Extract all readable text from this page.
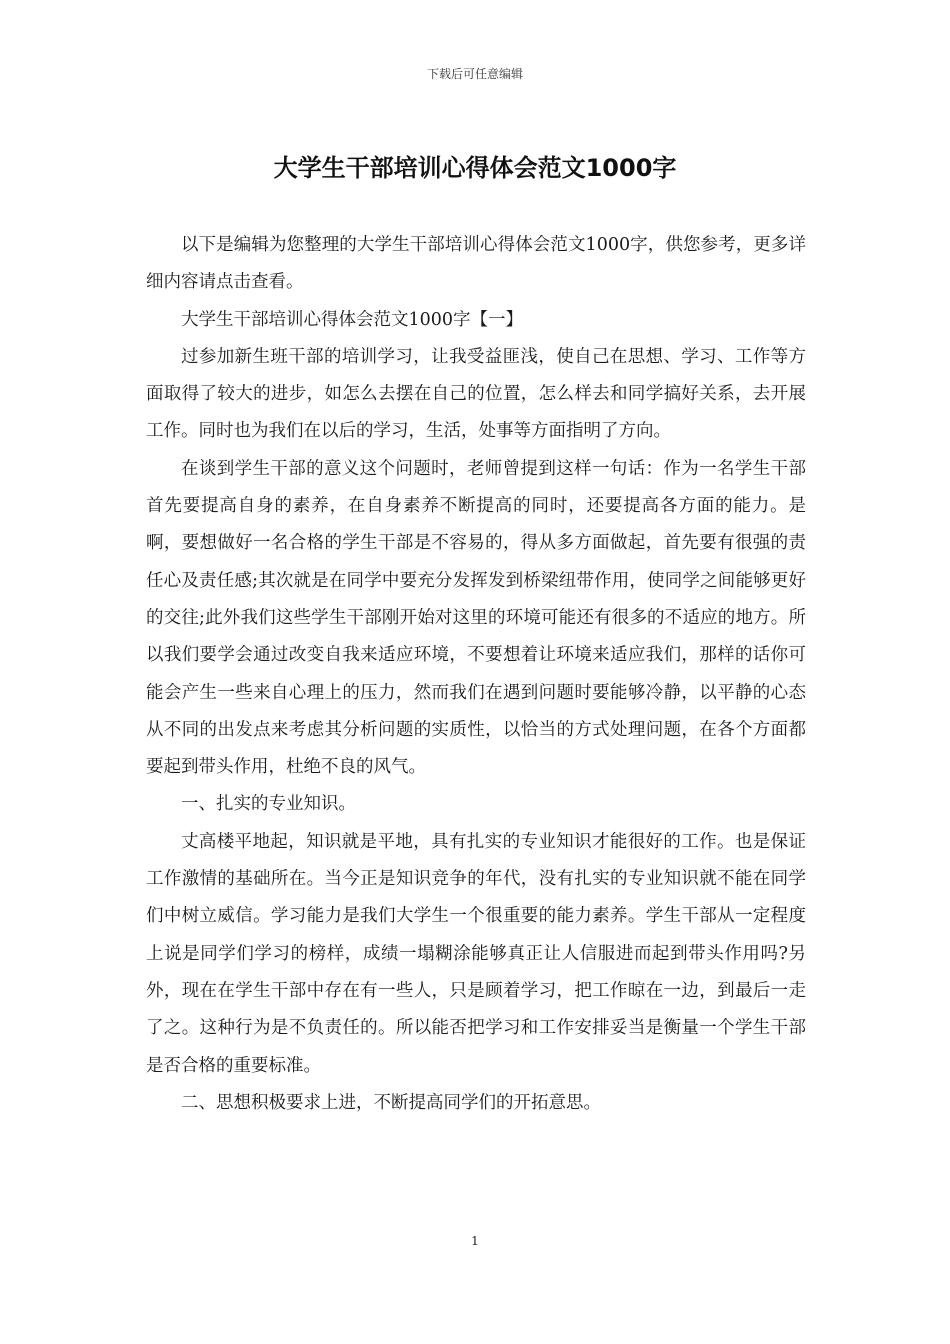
下载后可任意编辑
大学生干部培训心得体会范文1000字

以下是编辑为您整理的大学生干部培训心得体会范文1000字，供您参考，更多详细内容请点击查看。

大学生干部培训心得体会范文1000字【一】

过参加新生班干部的培训学习，让我受益匪浅，使自己在思想、学习、工作等方面取得了较大的进步，如怎么去摆在自己的位置，怎么样去和同学搞好关系，去开展工作。同时也为我们在以后的学习，生活，处事等方面指明了方向。

在谈到学生干部的意义这个问题时，老师曾提到这样一句话：作为一名学生干部首先要提高自身的素养，在自身素养不断提高的同时，还要提高各方面的能力。是啊，要想做好一名合格的学生干部是不容易的，得从多方面做起，首先要有很强的责任心及责任感;其次就是在同学中要充分发挥发到桥梁纽带作用，使同学之间能够更好的交往;此外我们这些学生干部刚开始对这里的环境可能还有很多的不适应的地方。所以我们要学会通过改变自我来适应环境，不要想着让环境来适应我们，那样的话你可能会产生一些来自心理上的压力，然而我们在遇到问题时要能够冷静，以平静的心态从不同的出发点来考虑其分析问题的实质性，以恰当的方式处理问题，在各个方面都要起到带头作用，杜绝不良的风气。

一、扎实的专业知识。

丈高楼平地起，知识就是平地，具有扎实的专业知识才能很好的工作。也是保证工作激情的基础所在。当今正是知识竞争的年代，没有扎实的专业知识就不能在同学们中树立威信。学习能力是我们大学生一个很重要的能力素养。学生干部从一定程度上说是同学们学习的榜样，成绩一塌糊涂能够真正让人信服进而起到带头作用吗?另外，现在在学生干部中存在有一些人，只是顾着学习，把工作晾在一边，到最后一走了之。这种行为是不负责任的。所以能否把学习和工作安排妥当是衡量一个学生干部是否合格的重要标准。

二、思想积极要求上进，不断提高同学们的开拓意思。

1
